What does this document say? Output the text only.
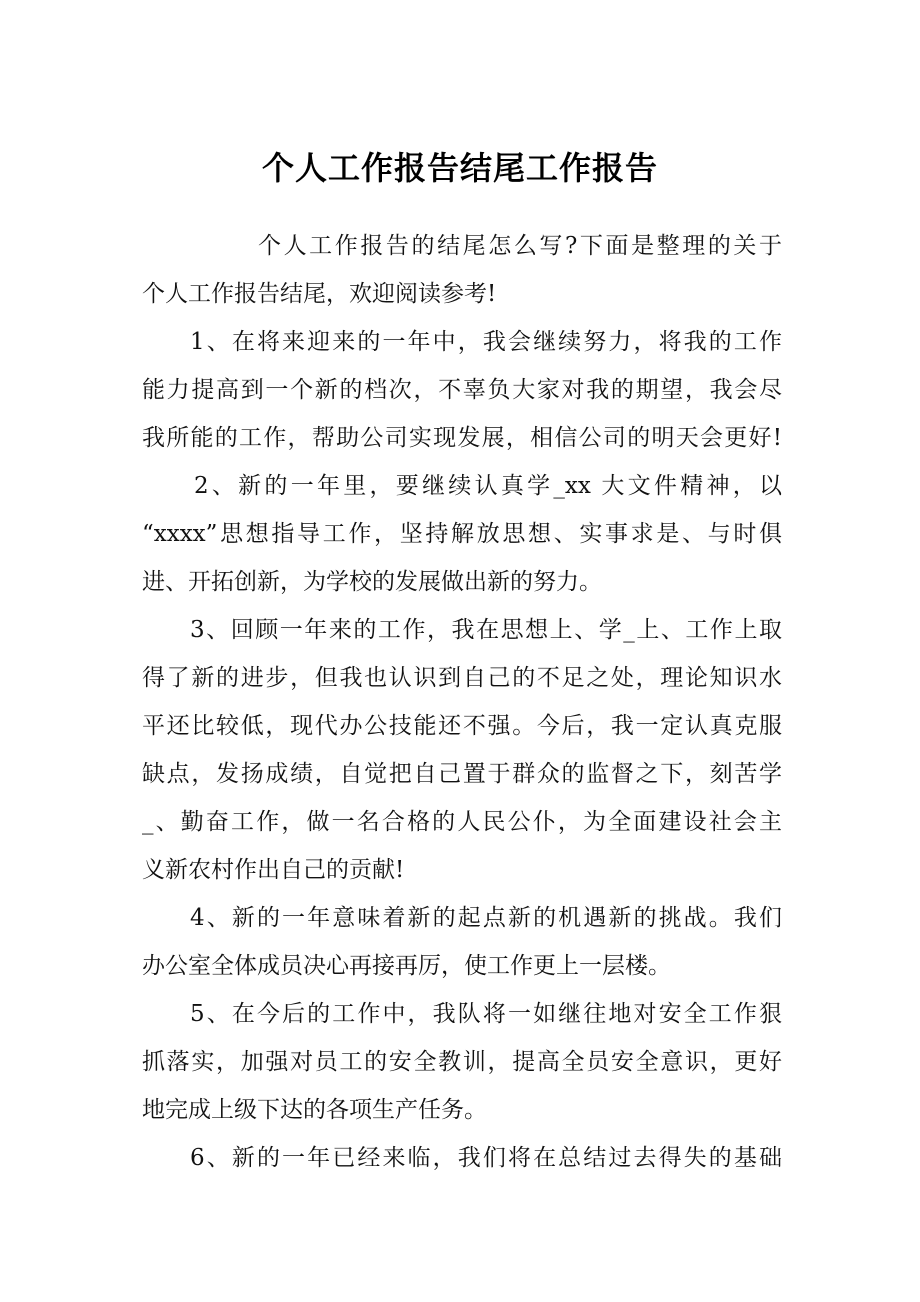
个人工作报告结尾工作报告
个人工作报告的结尾怎么写?下面是整理的关于
个人工作报告结尾，欢迎阅读参考!
1、在将来迎来的一年中，我会继续努力，将我的工作
能力提高到一个新的档次，不辜负大家对我的期望，我会尽
我所能的工作，帮助公司实现发展，相信公司的明天会更好!
2、新的一年里，要继续认真学_xx 大文件精神，以
“xxxx”思想指导工作，坚持解放思想、实事求是、与时俱
进、开拓创新，为学校的发展做出新的努力。
3、回顾一年来的工作，我在思想上、学_上、工作上取
得了新的进步，但我也认识到自己的不足之处，理论知识水
平还比较低，现代办公技能还不强。今后，我一定认真克服
缺点，发扬成绩，自觉把自己置于群众的监督之下，刻苦学
_、勤奋工作，做一名合格的人民公仆，为全面建设社会主
义新农村作出自己的贡献!
4、新的一年意味着新的起点新的机遇新的挑战。我们
办公室全体成员决心再接再厉，使工作更上一层楼。
5、在今后的工作中，我队将一如继往地对安全工作狠
抓落实，加强对员工的安全教训，提高全员安全意识，更好
地完成上级下达的各项生产任务。
6、新的一年已经来临，我们将在总结过去得失的基础
